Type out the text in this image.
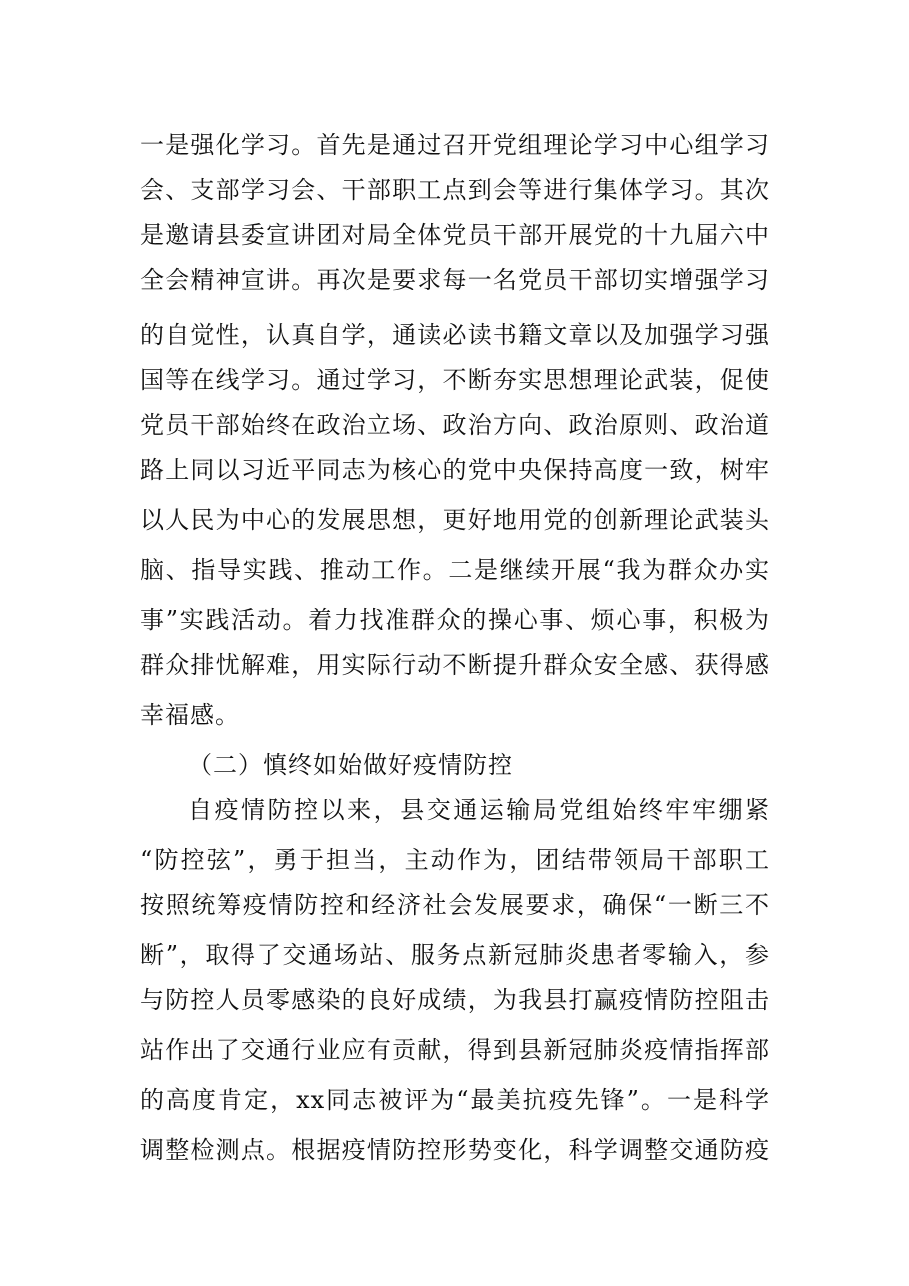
一是强化学习。首先是通过召开党组理论学习中心组学习
会、支部学习会、干部职工点到会等进行集体学习。其次
是邀请县委宣讲团对局全体党员干部开展党的十九届六中
全会精神宣讲。再次是要求每一名党员干部切实增强学习
的自觉性，认真自学，通读必读书籍文章以及加强学习强
国等在线学习。通过学习，不断夯实思想理论武装，促使
党员干部始终在政治立场、政治方向、政治原则、政治道
路上同以习近平同志为核心的党中央保持高度一致，树牢
以人民为中心的发展思想，更好地用党的创新理论武装头
脑、指导实践、推动工作。二是继续开展“我为群众办实
事”实践活动。着力找准群众的操心事、烦心事，积极为
群众排忧解难，用实际行动不断提升群众安全感、获得感
幸福感。
（二）慎终如始做好疫情防控
自疫情防控以来，县交通运输局党组始终牢牢绷紧
“防控弦”，勇于担当，主动作为，团结带领局干部职工
按照统筹疫情防控和经济社会发展要求，确保“一断三不
断”，取得了交通场站、服务点新冠肺炎患者零输入，参
与防控人员零感染的良好成绩，为我县打赢疫情防控阻击
站作出了交通行业应有贡献，得到县新冠肺炎疫情指挥部
的高度肯定，xx同志被评为“最美抗疫先锋”。一是科学
调整检测点。根据疫情防控形势变化，科学调整交通防疫
